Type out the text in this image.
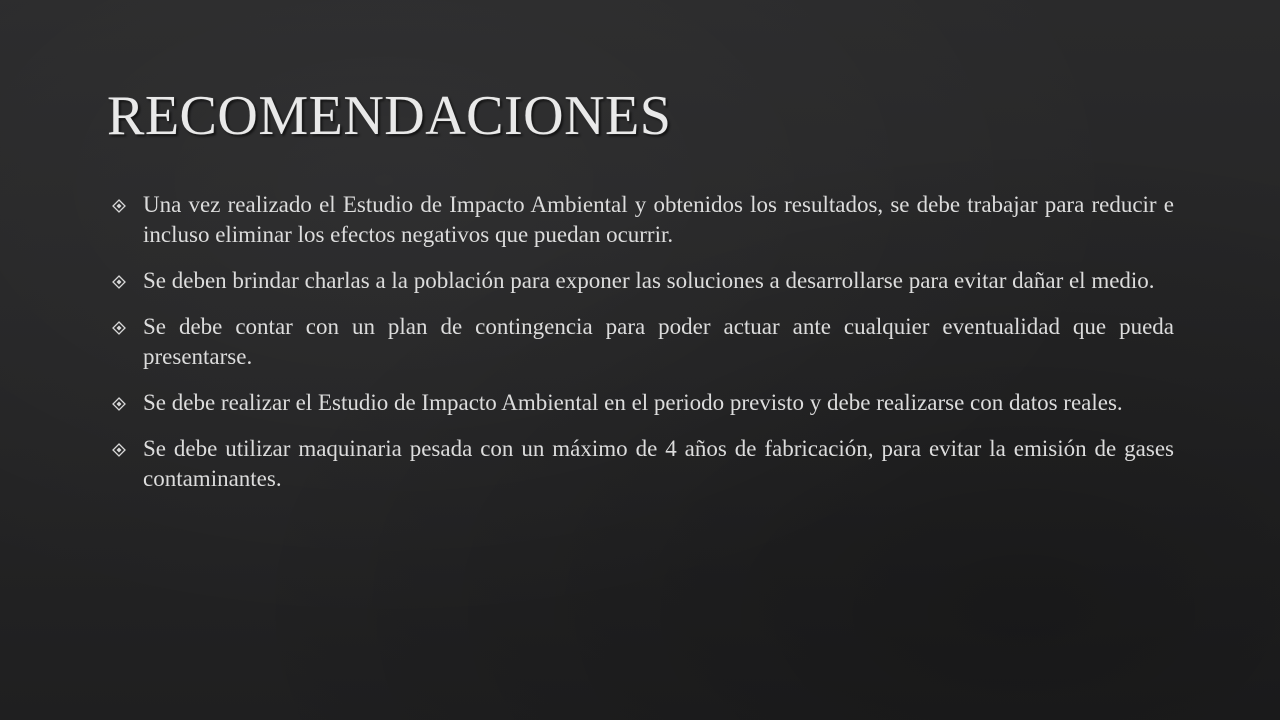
RECOMENDACIONES
Una vez realizado el Estudio de Impacto Ambiental y obtenidos los resultados, se debe trabajar para reducir e incluso eliminar los efectos negativos que puedan ocurrir.
Se deben brindar charlas a la población para exponer las soluciones a desarrollarse para evitar dañar el medio.
Se debe contar con un plan de contingencia para poder actuar ante cualquier eventualidad que pueda presentarse.
Se debe realizar el Estudio de Impacto Ambiental en el periodo previsto y debe realizarse con datos reales.
Se debe utilizar maquinaria pesada con un máximo de 4 años de fabricación, para evitar la emisión de gases contaminantes.
